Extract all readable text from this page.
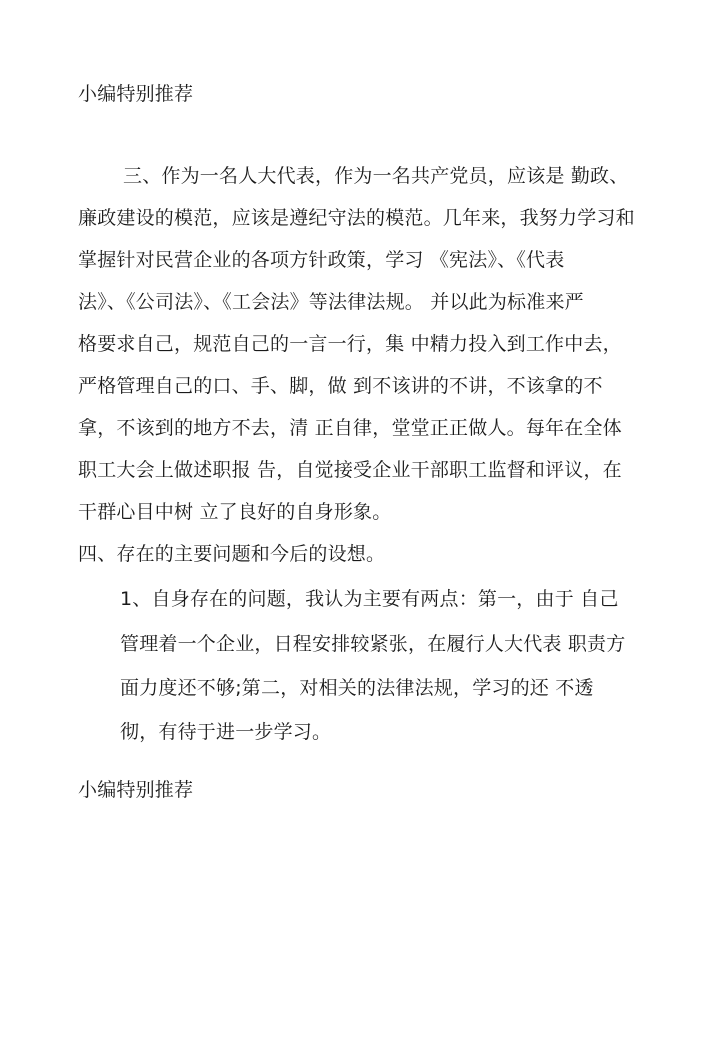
小编特别推荐
三、作为一名人大代表，作为一名共产党员，应该是 勤政、
廉政建设的模范，应该是遵纪守法的模范。几年来，我努力学习和
掌握针对民营企业的各项方针政策，学习 《宪法》、《代表
法》、《公司法》、《工会法》等法律法规。 并以此为标准来严
格要求自己，规范自己的一言一行，集 中精力投入到工作中去，
严格管理自己的口、手、脚，做 到不该讲的不讲，不该拿的不
拿，不该到的地方不去，清 正自律，堂堂正正做人。每年在全体
职工大会上做述职报 告，自觉接受企业干部职工监督和评议，在
干群心目中树 立了良好的自身形象。
四、存在的主要问题和今后的设想。
1、自身存在的问题，我认为主要有两点：第一，由于 自己
管理着一个企业，日程安排较紧张，在履行人大代表 职责方
面力度还不够;第二，对相关的法律法规，学习的还 不透
彻，有待于进一步学习。
小编特别推荐
